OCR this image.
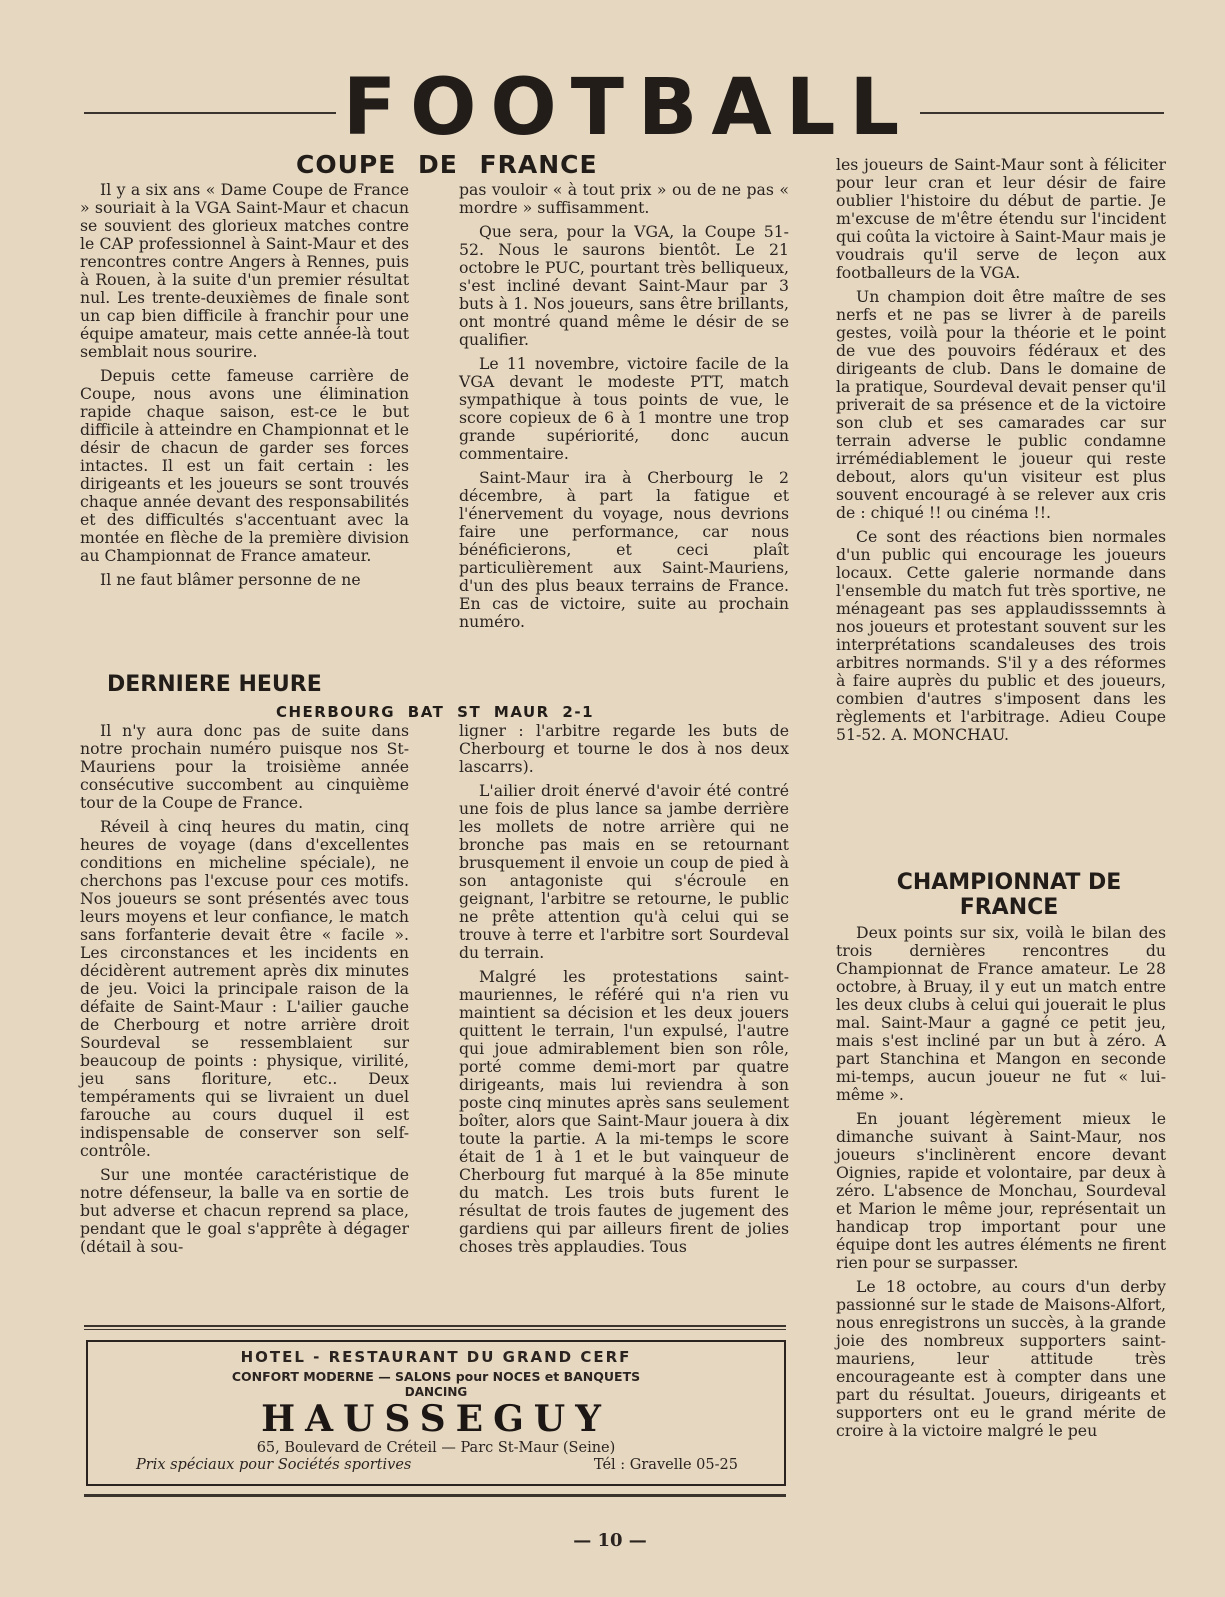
FOOTBALL
COUPE DE FRANCE

Il y a six ans « Dame Coupe de France » souriait à la VGA Saint-Maur et chacun se souvient des glorieux matches contre le CAP professionnel à Saint-Maur et des rencontres contre Angers à Rennes, puis à Rouen, à la suite d'un premier résultat nul. Les trente-deuxièmes de finale sont un cap bien difficile à franchir pour une équipe amateur, mais cette année-là tout semblait nous sourire.

Depuis cette fameuse carrière de Coupe, nous avons une élimination rapide chaque saison, est-ce le but difficile à atteindre en Championnat et le désir de chacun de garder ses forces intactes. Il est un fait certain : les dirigeants et les joueurs se sont trouvés chaque année devant des responsabilités et des difficultés s'accentuant avec la montée en flèche de la première division au Championnat de France amateur.

Il ne faut blâmer personne de ne

pas vouloir « à tout prix » ou de ne pas « mordre » suffisamment.

Que sera, pour la VGA, la Coupe 51-52. Nous le saurons bientôt. Le 21 octobre le PUC, pourtant très belliqueux, s'est incliné devant Saint-Maur par 3 buts à 1. Nos joueurs, sans être brillants, ont montré quand même le désir de se qualifier.

Le 11 novembre, victoire facile de la VGA devant le modeste PTT, match sympathique à tous points de vue, le score copieux de 6 à 1 montre une trop grande supériorité, donc aucun commentaire.

Saint-Maur ira à Cherbourg le 2 décembre, à part la fatigue et l'énervement du voyage, nous devrions faire une performance, car nous bénéficierons, et ceci plaît particulièrement aux Saint-Mauriens, d'un des plus beaux terrains de France. En cas de victoire, suite au prochain numéro.

les joueurs de Saint-Maur sont à féliciter pour leur cran et leur désir de faire oublier l'histoire du début de partie. Je m'excuse de m'être étendu sur l'incident qui coûta la victoire à Saint-Maur mais je voudrais qu'il serve de leçon aux footballeurs de la VGA.

Un champion doit être maître de ses nerfs et ne pas se livrer à de pareils gestes, voilà pour la théorie et le point de vue des pouvoirs fédéraux et des dirigeants de club. Dans le domaine de la pratique, Sourdeval devait penser qu'il priverait de sa présence et de la victoire son club et ses camarades car sur terrain adverse le public condamne irrémédiablement le joueur qui reste debout, alors qu'un visiteur est plus souvent encouragé à se relever aux cris de : chiqué !! ou cinéma !!.

Ce sont des réactions bien normales d'un public qui encourage les joueurs locaux. Cette galerie normande dans l'ensemble du match fut très sportive, ne ménageant pas ses applaudisssemnts à nos joueurs et protestant souvent sur les interprétations scandaleuses des trois arbitres normands. S'il y a des réformes à faire auprès du public et des joueurs, combien d'autres s'imposent dans les règlements et l'arbitrage. Adieu Coupe 51-52. A. MONCHAU.

DERNIERE HEURE
CHERBOURG BAT ST MAUR 2-1

Il n'y aura donc pas de suite dans notre prochain numéro puisque nos St-Mauriens pour la troisième année consécutive succombent au cinquième tour de la Coupe de France.

Réveil à cinq heures du matin, cinq heures de voyage (dans d'excellentes conditions en micheline spéciale), ne cherchons pas l'excuse pour ces motifs. Nos joueurs se sont présentés avec tous leurs moyens et leur confiance, le match sans forfanterie devait être « facile ». Les circonstances et les incidents en décidèrent autrement après dix minutes de jeu. Voici la principale raison de la défaite de Saint-Maur : L'ailier gauche de Cherbourg et notre arrière droit Sourdeval se ressemblaient sur beaucoup de points : physique, virilité, jeu sans floriture, etc.. Deux tempéraments qui se livraient un duel farouche au cours duquel il est indispensable de conserver son self-contrôle.

Sur une montée caractéristique de notre défenseur, la balle va en sortie de but adverse et chacun reprend sa place, pendant que le goal s'apprête à dégager (détail à sou-

ligner : l'arbitre regarde les buts de Cherbourg et tourne le dos à nos deux lascarrs).

L'ailier droit énervé d'avoir été contré une fois de plus lance sa jambe derrière les mollets de notre arrière qui ne bronche pas mais en se retournant brusquement il envoie un coup de pied à son antagoniste qui s'écroule en geignant, l'arbitre se retourne, le public ne prête attention qu'à celui qui se trouve à terre et l'arbitre sort Sourdeval du terrain.

Malgré les protestations saint-mauriennes, le référé qui n'a rien vu maintient sa décision et les deux jouers quittent le terrain, l'un expulsé, l'autre qui joue admirablement bien son rôle, porté comme demi-mort par quatre dirigeants, mais lui reviendra à son poste cinq minutes après sans seulement boîter, alors que Saint-Maur jouera à dix toute la partie. A la mi-temps le score était de 1 à 1 et le but vainqueur de Cherbourg fut marqué à la 85e minute du match. Les trois buts furent le résultat de trois fautes de jugement des gardiens qui par ailleurs firent de jolies choses très applaudies. Tous

CHAMPIONNAT DE FRANCE

Deux points sur six, voilà le bilan des trois dernières rencontres du Championnat de France amateur. Le 28 octobre, à Bruay, il y eut un match entre les deux clubs à celui qui jouerait le plus mal. Saint-Maur a gagné ce petit jeu, mais s'est incliné par un but à zéro. A part Stanchina et Mangon en seconde mi-temps, aucun joueur ne fut « lui-même ».

En jouant légèrement mieux le dimanche suivant à Saint-Maur, nos joueurs s'inclinèrent encore devant Oignies, rapide et volontaire, par deux à zéro. L'absence de Monchau, Sourdeval et Marion le même jour, représentait un handicap trop important pour une équipe dont les autres éléments ne firent rien pour se surpasser.

Le 18 octobre, au cours d'un derby passionné sur le stade de Maisons-Alfort, nous enregistrons un succès, à la grande joie des nombreux supporters saint-mauriens, leur attitude très encourageante est à compter dans une part du résultat. Joueurs, dirigeants et supporters ont eu le grand mérite de croire à la victoire malgré le peu

HOTEL - RESTAURANT DU GRAND CERF
CONFORT MODERNE — SALONS pour NOCES et BANQUETS
DANCING
HAUSSEGUY
65, Boulevard de Créteil — Parc St-Maur (Seine)
Prix spéciaux pour Sociétés sportives	Tél : Gravelle 05-25
— 10 —
